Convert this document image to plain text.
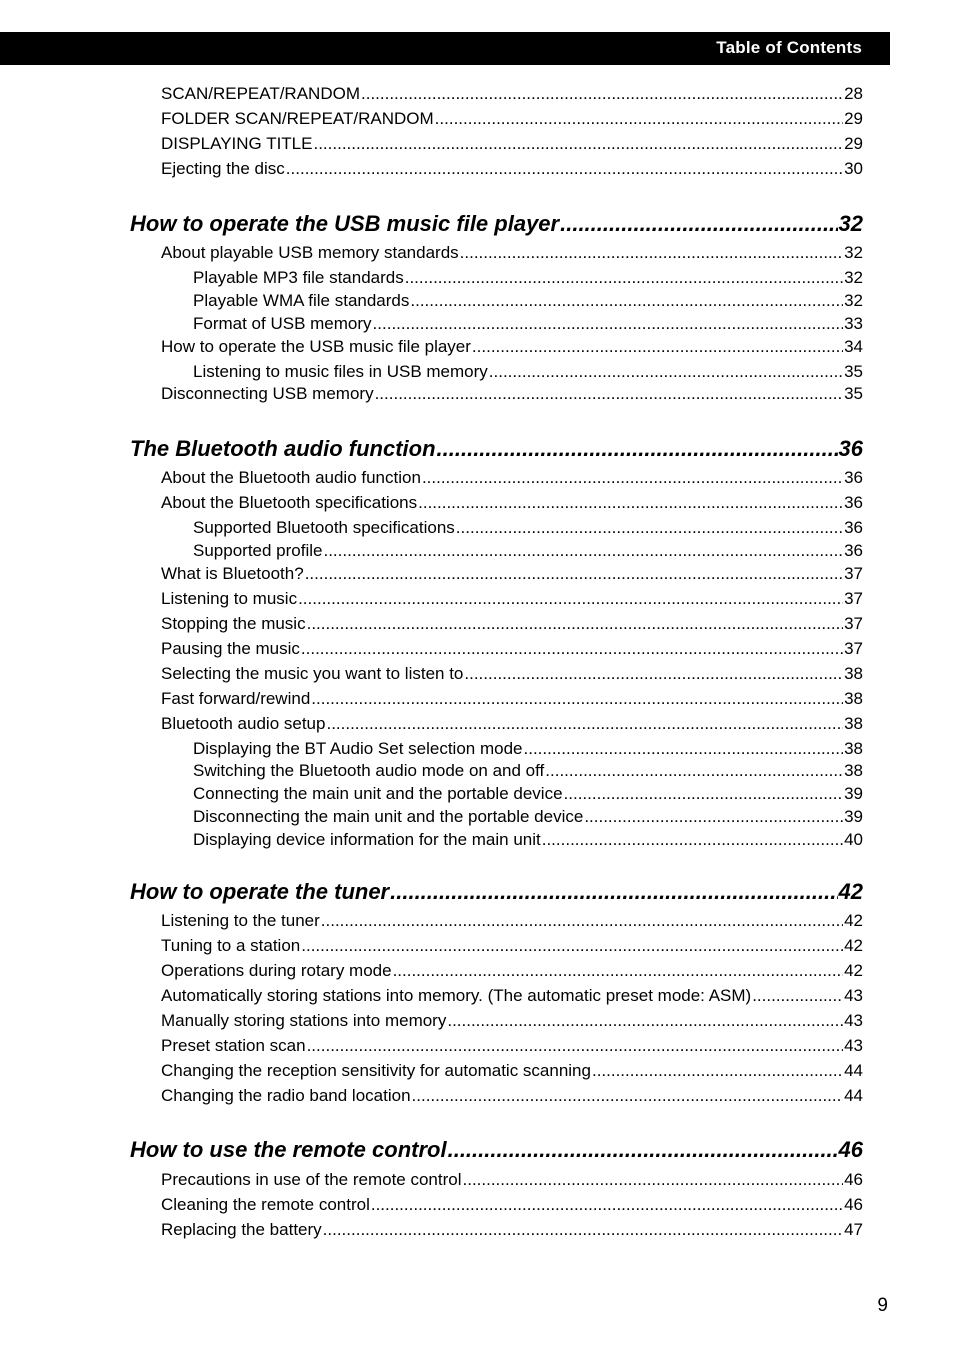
Table of Contents
SCAN/REPEAT/RANDOM .....	28
FOLDER SCAN/REPEAT/RANDOM .....	29
DISPLAYING TITLE .....	29
Ejecting the disc .....	30
How to operate the USB music file player .....	32
About playable USB memory standards .....	32
Playable MP3 file standards .....	32
Playable WMA file standards .....	32
Format of USB memory .....	33
How to operate the USB music file player .....	34
Listening to music files in USB memory .....	35
Disconnecting USB memory .....	35
The Bluetooth audio function .....	36
About the Bluetooth audio function .....	36
About the Bluetooth specifications .....	36
Supported Bluetooth specifications .....	36
Supported profile .....	36
What is Bluetooth? .....	37
Listening to music .....	37
Stopping the music .....	37
Pausing the music .....	37
Selecting the music you want to listen to .....	38
Fast forward/rewind .....	38
Bluetooth audio setup .....	38
Displaying the BT Audio Set selection mode .....	38
Switching the Bluetooth audio mode on and off .....	38
Connecting the main unit and the portable device .....	39
Disconnecting the main unit and the portable device .....	39
Displaying device information for the main unit .....	40
How to operate the tuner .....	42
Listening to the tuner .....	42
Tuning to a station .....	42
Operations during rotary mode .....	42
Automatically storing stations into memory. (The automatic preset mode: ASM) .....	43
Manually storing stations into memory .....	43
Preset station scan .....	43
Changing the reception sensitivity for automatic scanning .....	44
Changing the radio band location .....	44
How to use the remote control .....	46
Precautions in use of the remote control .....	46
Cleaning the remote control .....	46
Replacing the battery .....	47
9
